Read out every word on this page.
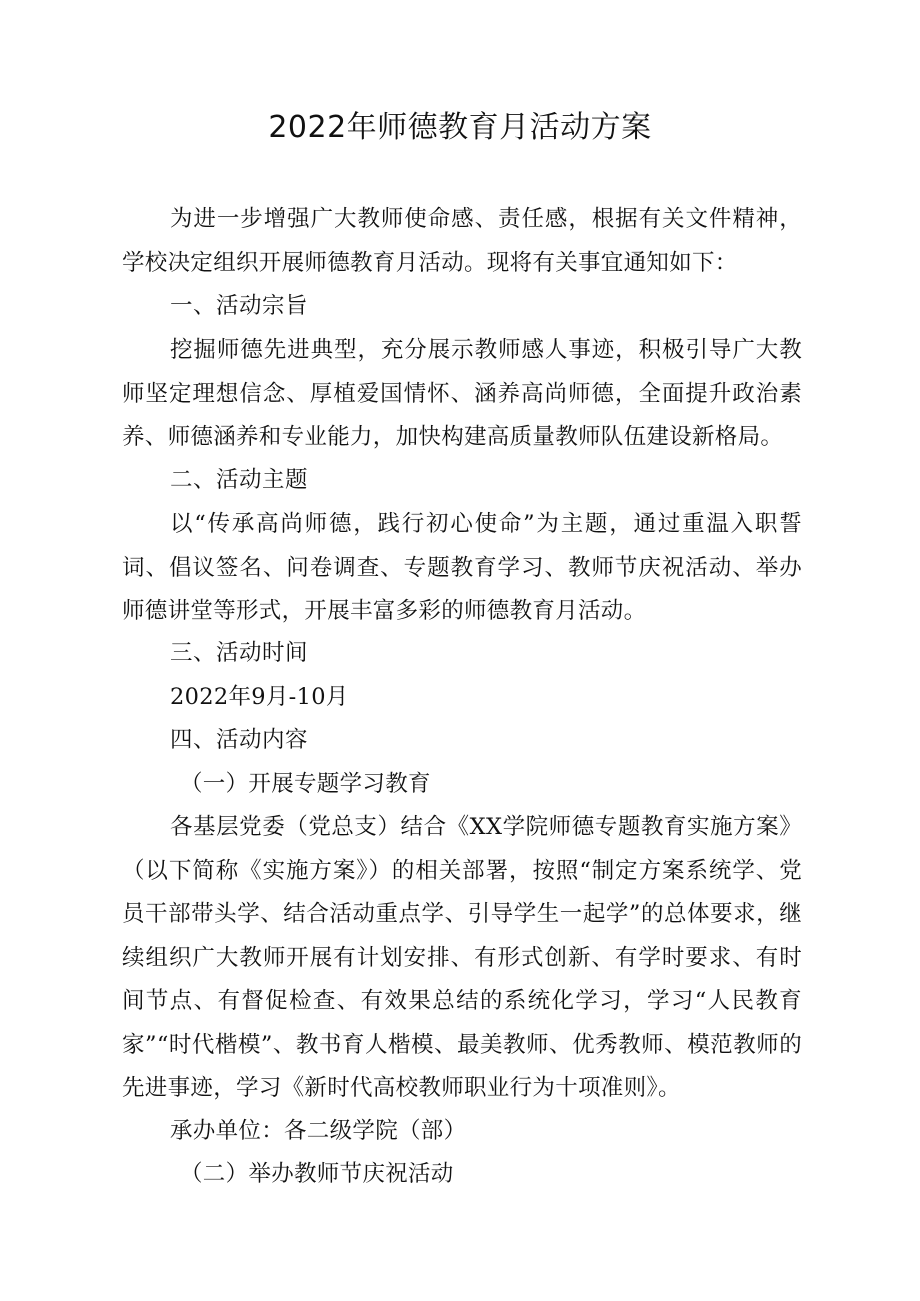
2022年师德教育月活动方案
为进一步增强广大教师使命感、责任感，根据有关文件精神，学校决定组织开展师德教育月活动。现将有关事宜通知如下：
一、活动宗旨
挖掘师德先进典型，充分展示教师感人事迹，积极引导广大教师坚定理想信念、厚植爱国情怀、涵养高尚师德，全面提升政治素养、师德涵养和专业能力，加快构建高质量教师队伍建设新格局。
二、活动主题
以“传承高尚师德，践行初心使命”为主题，通过重温入职誓词、倡议签名、问卷调查、专题教育学习、教师节庆祝活动、举办师德讲堂等形式，开展丰富多彩的师德教育月活动。
三、活动时间
2022年9月-10月
四、活动内容
（一）开展专题学习教育
各基层党委（党总支）结合《XX学院师德专题教育实施方案》（以下简称《实施方案》）的相关部署，按照“制定方案系统学、党员干部带头学、结合活动重点学、引导学生一起学”的总体要求，继续组织广大教师开展有计划安排、有形式创新、有学时要求、有时间节点、有督促检查、有效果总结的系统化学习，学习“人民教育家”“时代楷模”、教书育人楷模、最美教师、优秀教师、模范教师的先进事迹，学习《新时代高校教师职业行为十项准则》。
承办单位：各二级学院（部）
（二）举办教师节庆祝活动
